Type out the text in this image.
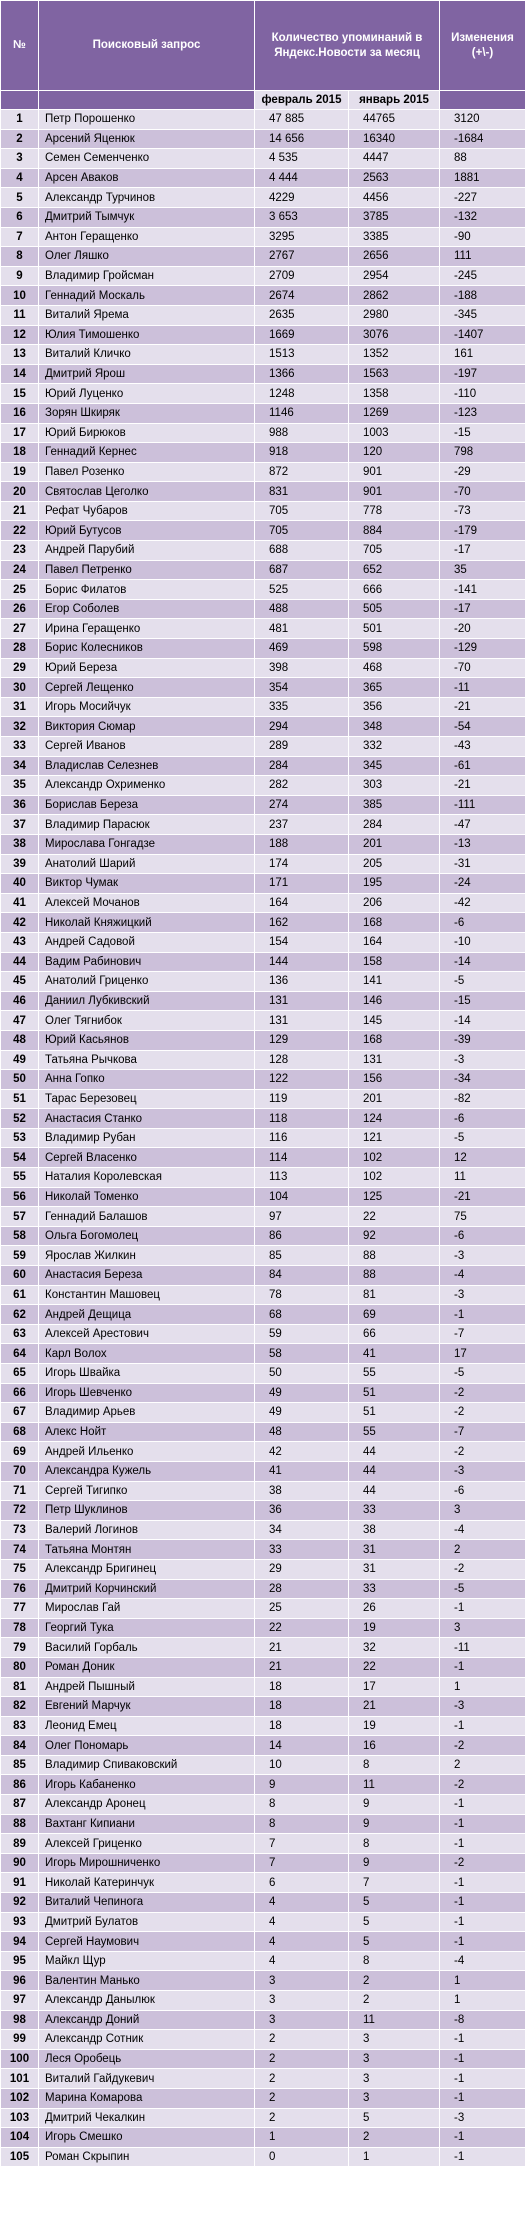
№	Поисковый запрос	Количество упоминаний в Яндекс.Новости за месяц		Изменения (+\-)
		февраль 2015	январь 2015	
1	Петр Порошенко	47 885	44765	3120
2	Арсений Яценюк	14 656	16340	-1684
3	Семен Семенченко	4 535	4447	88
4	Арсен Аваков	4 444	2563	1881
5	Александр Турчинов	4229	4456	-227
6	Дмитрий Тымчук	3 653	3785	-132
7	Антон Геращенко	3295	3385	-90
8	Олег Ляшко	2767	2656	111
9	Владимир Гройсман	2709	2954	-245
10	Геннадий Москаль	2674	2862	-188
11	Виталий Ярема	2635	2980	-345
12	Юлия Тимошенко	1669	3076	-1407
13	Виталий Кличко	1513	1352	161
14	Дмитрий Ярош	1366	1563	-197
15	Юрий Луценко	1248	1358	-110
16	Зорян Шкиряк	1146	1269	-123
17	Юрий Бирюков	988	1003	-15
18	Геннадий Кернес	918	120	798
19	Павел Розенко	872	901	-29
20	Святослав Цеголко	831	901	-70
21	Рефат Чубаров	705	778	-73
22	Юрий Бутусов	705	884	-179
23	Андрей Парубий	688	705	-17
24	Павел Петренко	687	652	35
25	Борис Филатов	525	666	-141
26	Егор Соболев	488	505	-17
27	Ирина Геращенко	481	501	-20
28	Борис Колесников	469	598	-129
29	Юрий Береза	398	468	-70
30	Сергей Лещенко	354	365	-11
31	Игорь Мосийчук	335	356	-21
32	Виктория Сюмар	294	348	-54
33	Сергей Иванов	289	332	-43
34	Владислав Селезнев	284	345	-61
35	Александр Охрименко	282	303	-21
36	Борислав Береза	274	385	-111
37	Владимир Парасюк	237	284	-47
38	Мирослава Гонгадзе	188	201	-13
39	Анатолий Шарий	174	205	-31
40	Виктор Чумак	171	195	-24
41	Алексей Мочанов	164	206	-42
42	Николай Княжицкий	162	168	-6
43	Андрей Садовой	154	164	-10
44	Вадим Рабинович	144	158	-14
45	Анатолий Гриценко	136	141	-5
46	Даниил Лубкивский	131	146	-15
47	Олег Тягнибок	131	145	-14
48	Юрий Касьянов	129	168	-39
49	Татьяна Рычкова	128	131	-3
50	Анна Гопко	122	156	-34
51	Тарас Березовец	119	201	-82
52	Анастасия Станко	118	124	-6
53	Владимир Рубан	116	121	-5
54	Сергей Власенко	114	102	12
55	Наталия Королевская	113	102	11
56	Николай Томенко	104	125	-21
57	Геннадий Балашов	97	22	75
58	Ольга Богомолец	86	92	-6
59	Ярослав Жилкин	85	88	-3
60	Анастасия Береза	84	88	-4
61	Константин Машовец	78	81	-3
62	Андрей Дещица	68	69	-1
63	Алексей Арестович	59	66	-7
64	Карл Волох	58	41	17
65	Игорь Швайка	50	55	-5
66	Игорь Шевченко	49	51	-2
67	Владимир Арьев	49	51	-2
68	Алекс Нойт	48	55	-7
69	Андрей Ильенко	42	44	-2
70	Александра Кужель	41	44	-3
71	Сергей Тигипко	38	44	-6
72	Петр Шуклинов	36	33	3
73	Валерий Логинов	34	38	-4
74	Татьяна Монтян	33	31	2
75	Александр Бригинец	29	31	-2
76	Дмитрий Корчинский	28	33	-5
77	Мирослав Гай	25	26	-1
78	Георгий Тука	22	19	3
79	Василий Горбаль	21	32	-11
80	Роман Доник	21	22	-1
81	Андрей Пышный	18	17	1
82	Евгений Марчук	18	21	-3
83	Леонид Емец	18	19	-1
84	Олег Пономарь	14	16	-2
85	Владимир Спиваковский	10	8	2
86	Игорь Кабаненко	9	11	-2
87	Александр Аронец	8	9	-1
88	Вахтанг Кипиани	8	9	-1
89	Алексей Гриценко	7	8	-1
90	Игорь Мирошниченко	7	9	-2
91	Николай Катеринчук	6	7	-1
92	Виталий Чепинога	4	5	-1
93	Дмитрий Булатов	4	5	-1
94	Сергей Наумович	4	5	-1
95	Майкл Щур	4	8	-4
96	Валентин Манько	3	2	1
97	Александр Данылюк	3	2	1
98	Александр Доний	3	11	-8
99	Александр Сотник	2	3	-1
100	Леся Оробець	2	3	-1
101	Виталий Гайдукевич	2	3	-1
102	Марина Комарова	2	3	-1
103	Дмитрий Чекалкин	2	5	-3
104	Игорь Смешко	1	2	-1
105	Роман Скрыпин	0	1	-1
